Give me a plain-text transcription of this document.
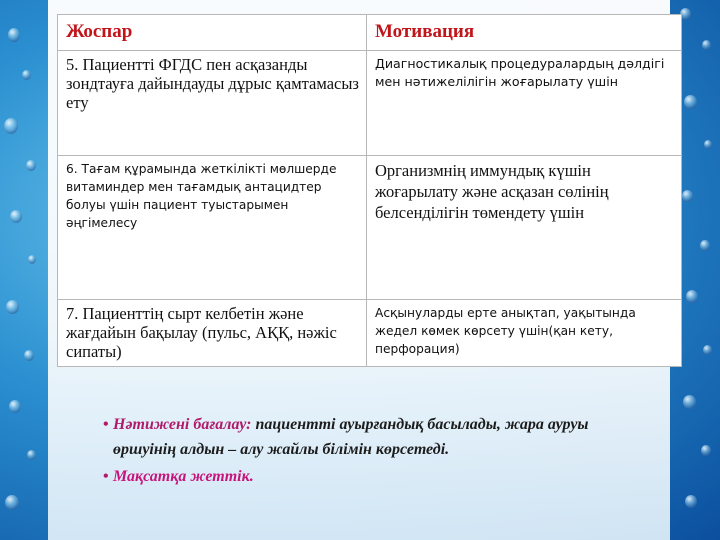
Жоспар	Мотивация
5. Пациентті ФГДС пен асқазанды зондтауға дайындауды дұрыс қамтамасыз ету	Диагностикалық процедуралардың дәлдігі мен нәтижелілігін жоғарылату үшін
6. Тағам құрамында жеткілікті мөлшерде витаминдер мен тағамдық антацидтер болуы үшін пациент туыстарымен әңгімелесу	Организмнің иммундық күшін жоғарылату және асқазан сөлінің белсенділігін төмендету үшін
7. Пациенттің сырт келбетін және жағдайын бақылау (пульс, АҚҚ, нәжіс сипаты)	Асқынуларды ерте анықтап, уақытында жедел көмек көрсету үшін(қан кету, перфорация)
• Нәтижені бағалау: пациентті ауырғандық басылады, жара ауруы өршуінің алдын – алу жайлы білімін көрсетеді.
• Мақсатқа жеттік.
